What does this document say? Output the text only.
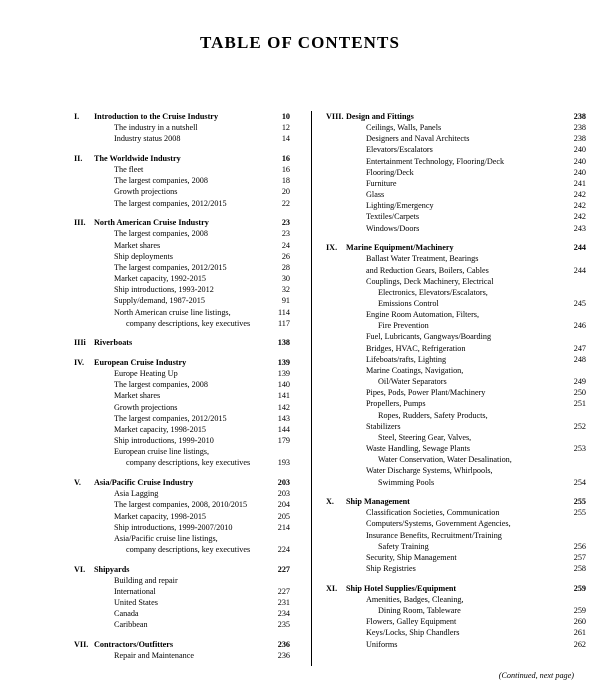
TABLE OF CONTENTS
I.	Introduction to the Cruise Industry	10
The industry in a nutshell	12
Industry status 2008	14
II.	The Worldwide Industry	16
The fleet	16
The largest companies, 2008	18
Growth projections	20
The largest companies, 2012/2015	22
III.	North American Cruise Industry	23
The largest companies, 2008	23
Market shares	24
Ship deployments	26
The largest companies, 2012/2015	28
Market capacity, 1992-2015	30
Ship introductions, 1993-2012	32
Supply/demand, 1987-2015	91
North American cruise line listings,	114
company descriptions, key executives	117
IIIi Riverboats	138
IV.	European Cruise Industry	139
Europe Heating Up	139
The largest companies, 2008	140
Market shares	141
Growth projections	142
The largest companies, 2012/2015	143
Market capacity, 1998-2015	144
Ship introductions, 1999-2010	179
European cruise line listings,
company descriptions, key executives	193
V.	Asia/Pacific Cruise Industry	203
Asia Lagging	203
The largest companies, 2008, 2010/2015	204
Market capacity, 1998-2015	205
Ship introductions, 1999-2007/2010	214
Asia/Pacific cruise line listings,
company descriptions, key executives	224
VI.	Shipyards	227
Building and repair
International	227
United States	231
Canada	234
Caribbean	235
VII. Contractors/Outfitters	236
Repair and Maintenance	236
VIII. Design and Fittings	238
Ceilings, Walls, Panels	238
Designers and Naval Architects	238
Elevators/Escalators	240
Entertainment Technology, Flooring/Deck	240
Flooring/Deck	240
Furniture	241
Glass	242
Lighting/Emergency	242
Textiles/Carpets	242
Windows/Doors	243
IX.	Marine Equipment/Machinery	244
Ballast Water Treatment, Bearings
and Reduction Gears, Boilers, Cables	244
Couplings, Deck Machinery, Electrical
Electronics, Elevators/Escalators,
Emissions Control	245
Engine Room Automation, Filters,
Fire Prevention	246
Fuel, Lubricants, Gangways/Boarding
Bridges, HVAC, Refrigeration	247
Lifeboats/rafts, Lighting	248
Marine Coatings, Navigation,
Oil/Water Separators	249
Pipes, Pods, Power Plant/Machinery	250
Propellers, Pumps	251
Ropes, Rudders, Safety Products,
Stabilizers	252
Steel, Steering Gear, Valves,
Waste Handling, Sewage Plants	253
Water Conservation, Water Desalination,
Water Discharge Systems, Whirlpools,
Swimming Pools	254
X.	Ship Management	255
Classification Societies, Communication	255
Computers/Systems, Government Agencies,
Insurance Benefits, Recruitment/Training
Safety Training	256
Security, Ship Management	257
Ship Registries	258
XI.	Ship Hotel Supplies/Equipment	259
Amenities, Badges, Cleaning,
Dining Room, Tableware	259
Flowers, Galley Equipment	260
Keys/Locks, Ship Chandlers	261
Uniforms	262
(Continued, next page)
